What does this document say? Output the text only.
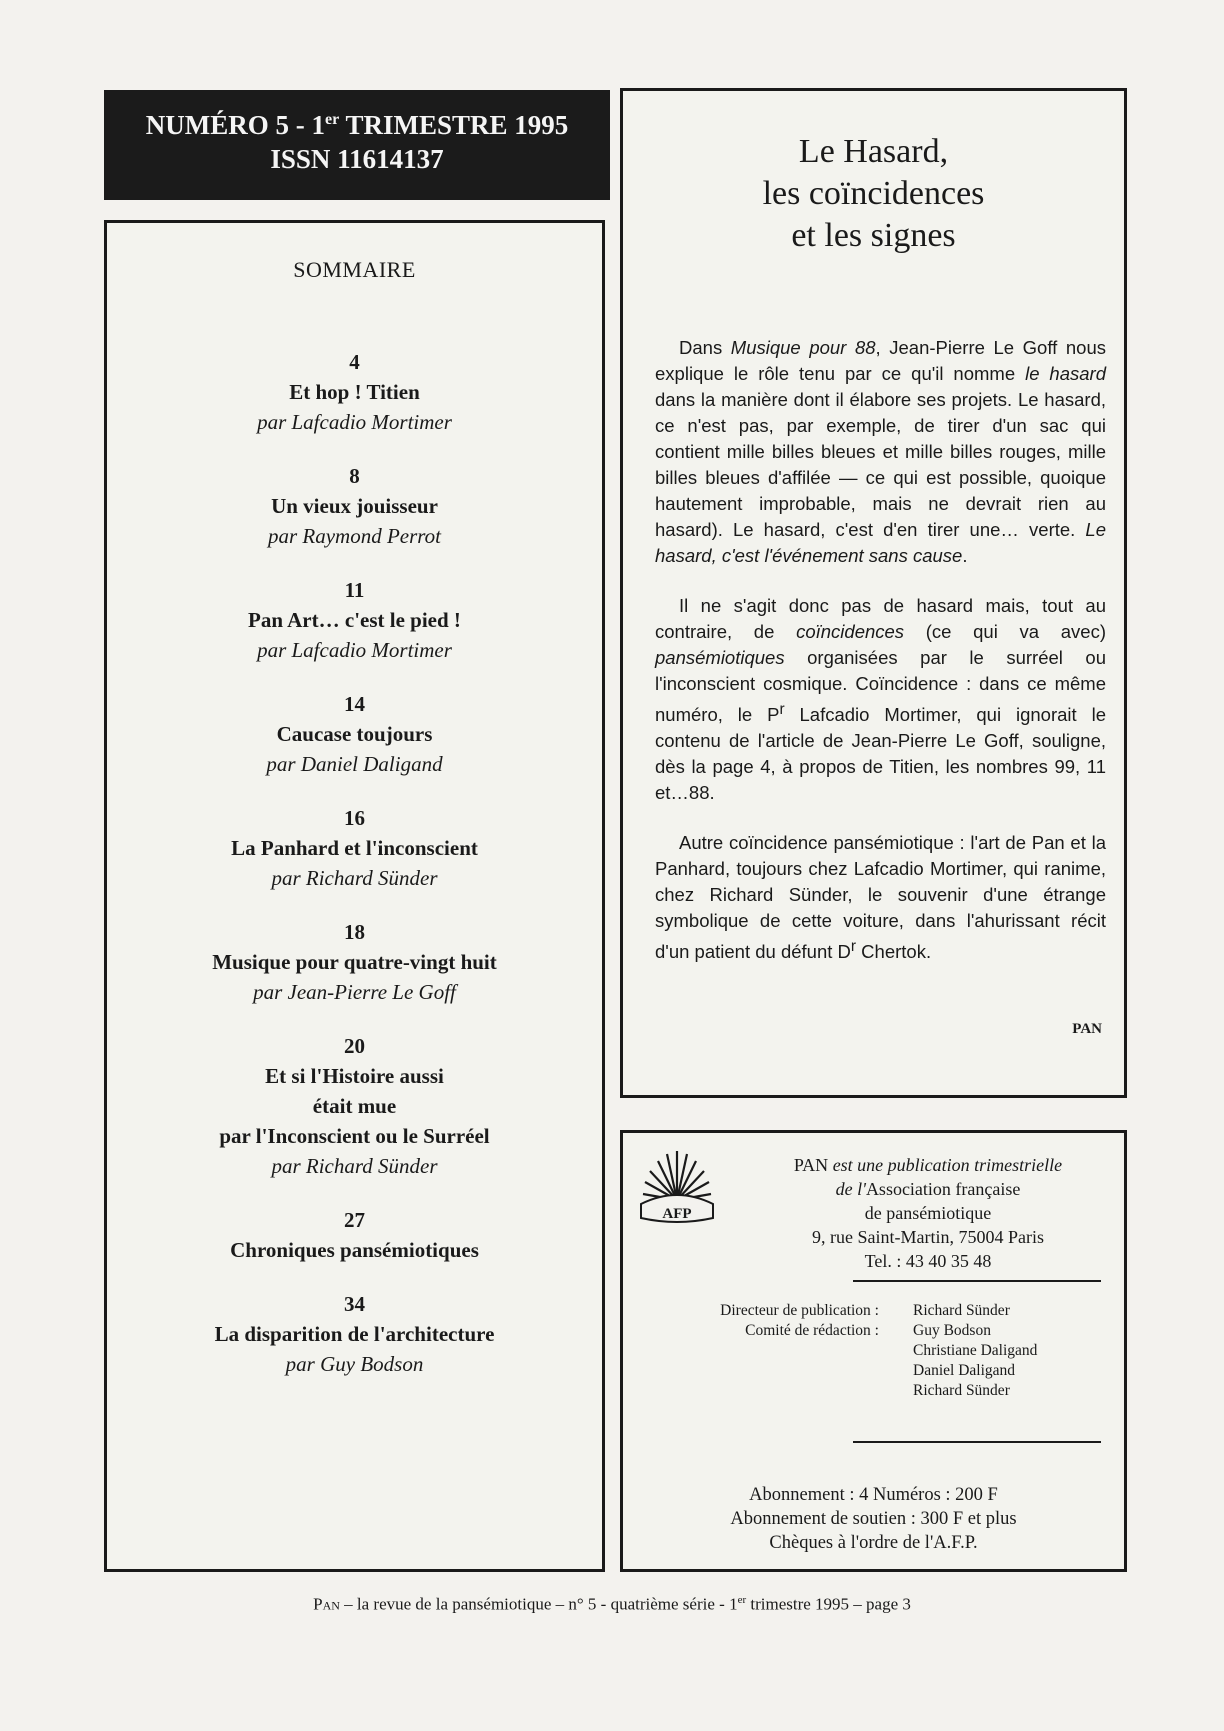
NUMÉRO 5 - 1er TRIMESTRE 1995
ISSN 11614137
SOMMAIRE
4
Et hop ! Titien
par Lafcadio Mortimer
8
Un vieux jouisseur
par Raymond Perrot
11
Pan Art… c'est le pied !
par Lafcadio Mortimer
14
Caucase toujours
par Daniel Daligand
16
La Panhard et l'inconscient
par Richard Sünder
18
Musique pour quatre-vingt huit
par Jean-Pierre Le Goff
20
Et si l'Histoire aussi
était mue
par l'Inconscient ou le Surréel
par Richard Sünder
27
Chroniques pansémiotiques
34
La disparition de l'architecture
par Guy Bodson
Le Hasard,
les coïncidences
et les signes

Dans Musique pour 88, Jean-Pierre Le Goff nous explique le rôle tenu par ce qu'il nomme le hasard dans la manière dont il élabore ses projets. Le hasard, ce n'est pas, par exemple, de tirer d'un sac qui contient mille billes bleues et mille billes rouges, mille billes bleues d'affilée — ce qui est possible, quoique hautement improbable, mais ne devrait rien au hasard). Le hasard, c'est d'en tirer une… verte. Le hasard, c'est l'événement sans cause.

Il ne s'agit donc pas de hasard mais, tout au contraire, de coïncidences (ce qui va avec) pansémiotiques organisées par le surréel ou l'inconscient cosmique. Coïncidence : dans ce même numéro, le $P^r$ Lafcadio Mortimer, qui ignorait le contenu de l'article de Jean-Pierre Le Goff, souligne, dès la page 4, à propos de Titien, les nombres 99, 11 et…88.

Autre coïncidence pansémiotique : l'art de Pan et la Panhard, toujours chez Lafcadio Mortimer, qui ranime, chez Richard Sünder, le souvenir d'une étrange symbolique de cette voiture, dans l'ahurissant récit d'un patient du défunt $D^r$ Chertok.

PAN
AFP
PAN est une publication trimestrielle
de l'Association française
de pansémiotique
9, rue Saint-Martin, 75004 Paris
Tel. : 43 40 35 48
Directeur de publication :
Comité de rédaction :
Richard Sünder
Guy Bodson
Christiane Daligand
Daniel Daligand
Richard Sünder
Abonnement : 4 Numéros : 200 F
Abonnement de soutien : 300 F et plus
Chèques à l'ordre de l'A.F.P.
Pan – la revue de la pansémiotique – n° 5 - quatrième série - 1er trimestre 1995 – page 3
